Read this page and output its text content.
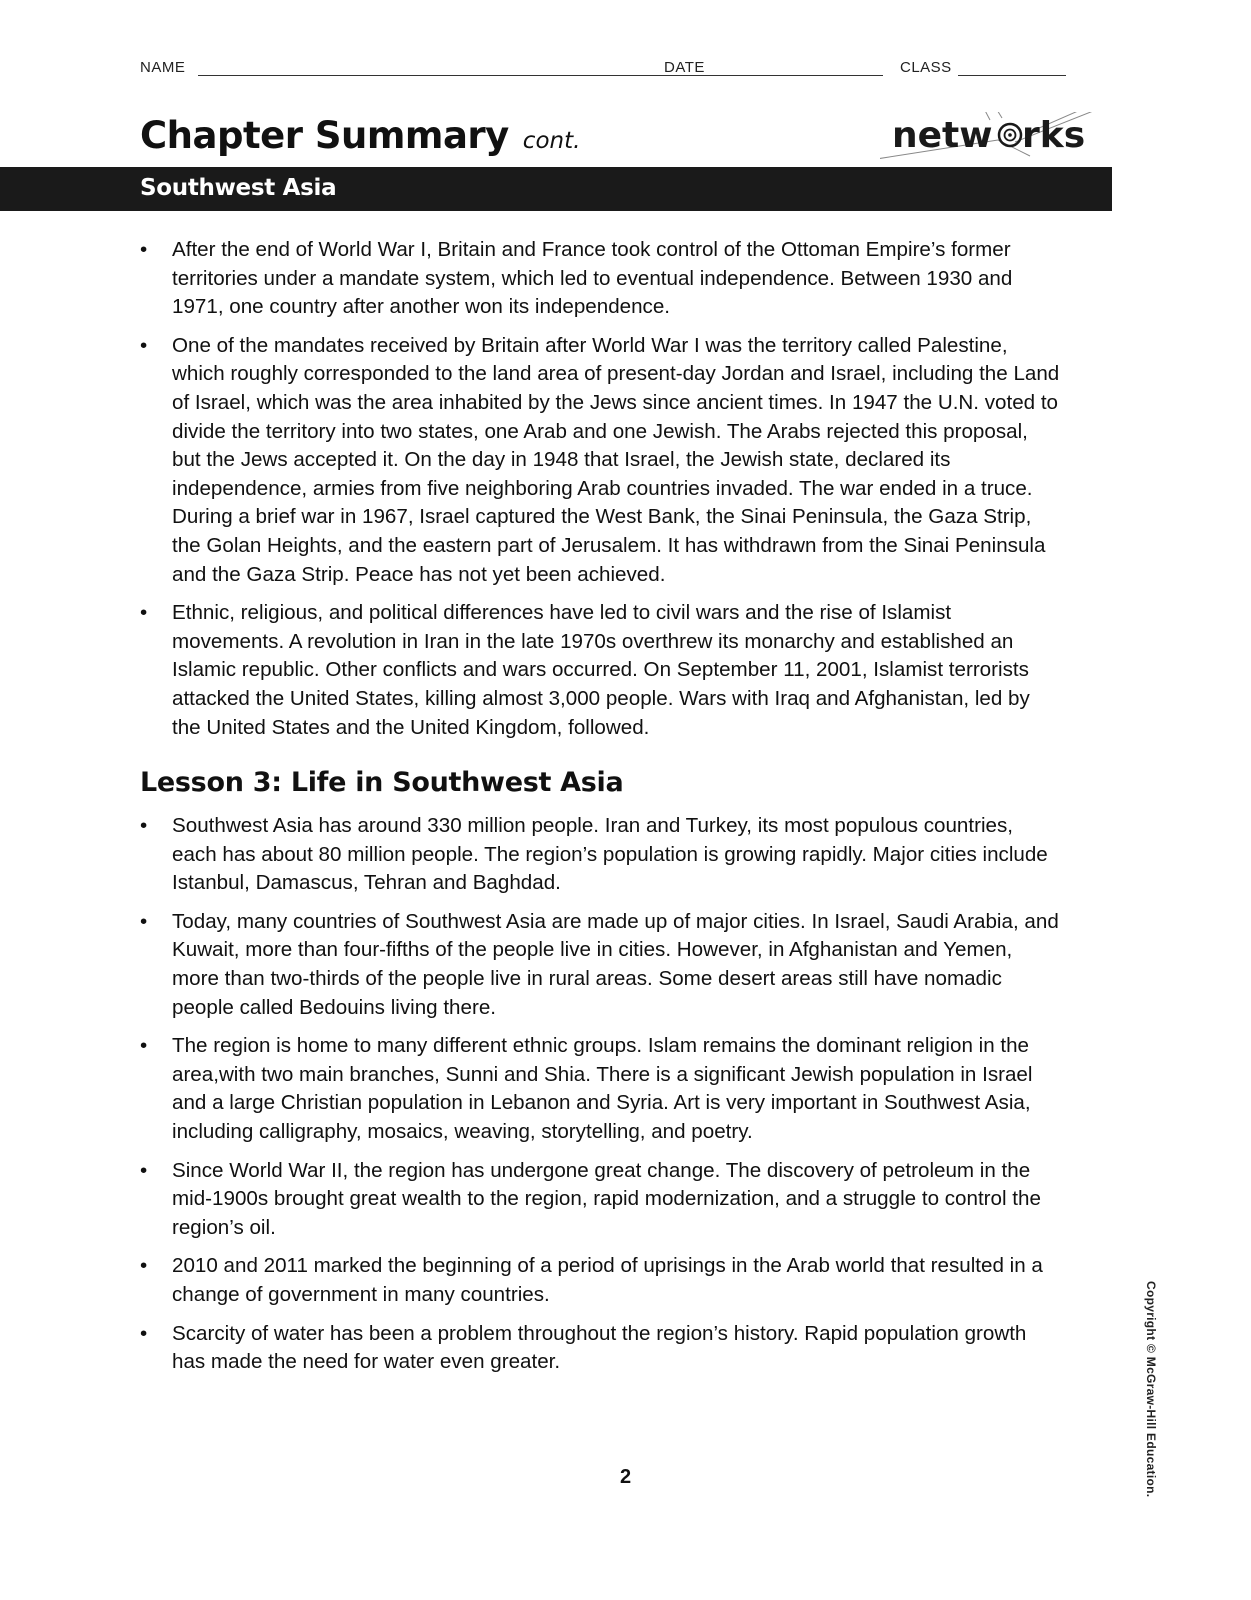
NAME	DATE	CLASS
Chapter Summary cont.	netw rks
Southwest Asia
• After the end of World War I, Britain and France took control of the Ottoman Empire’s former territories under a mandate system, which led to eventual independence. Between 1930 and 1971, one country after another won its independence.
• One of the mandates received by Britain after World War I was the territory called Palestine, which roughly corresponded to the land area of present-day Jordan and Israel, including the Land of Israel, which was the area inhabited by the Jews since ancient times. In 1947 the U.N. voted to divide the territory into two states, one Arab and one Jewish. The Arabs rejected this proposal, but the Jews accepted it. On the day in 1948 that Israel, the Jewish state, declared its independence, armies from five neighboring Arab countries invaded. The war ended in a truce. During a brief war in 1967, Israel captured the West Bank, the Sinai Peninsula, the Gaza Strip, the Golan Heights, and the eastern part of Jerusalem. It has withdrawn from the Sinai Peninsula and the Gaza Strip. Peace has not yet been achieved.
• Ethnic, religious, and political differences have led to civil wars and the rise of Islamist movements. A revolution in Iran in the late 1970s overthrew its monarchy and established an Islamic republic. Other conflicts and wars occurred. On September 11, 2001, Islamist terrorists attacked the United States, killing almost 3,000 people. Wars with Iraq and Afghanistan, led by the United States and the United Kingdom, followed.
Lesson 3: Life in Southwest Asia
• Southwest Asia has around 330 million people. Iran and Turkey, its most populous countries, each has about 80 million people. The region’s population is growing rapidly. Major cities include Istanbul, Damascus, Tehran and Baghdad.
• Today, many countries of Southwest Asia are made up of major cities. In Israel, Saudi Arabia, and Kuwait, more than four-fifths of the people live in cities. However, in Afghanistan and Yemen, more than two-thirds of the people live in rural areas. Some desert areas still have nomadic people called Bedouins living there.
• The region is home to many different ethnic groups. Islam remains the dominant religion in the area,with two main branches, Sunni and Shia. There is a significant Jewish population in Israel and a large Christian population in Lebanon and Syria. Art is very important in Southwest Asia, including calligraphy, mosaics, weaving, storytelling, and poetry.
• Since World War II, the region has undergone great change. The discovery of petroleum in the mid-1900s brought great wealth to the region, rapid modernization, and a struggle to control the region’s oil.
• 2010 and 2011 marked the beginning of a period of uprisings in the Arab world that resulted in a change of government in many countries.
• Scarcity of water has been a problem throughout the region’s history. Rapid population growth has made the need for water even greater.
2	Copyright © McGraw-Hill Education.
